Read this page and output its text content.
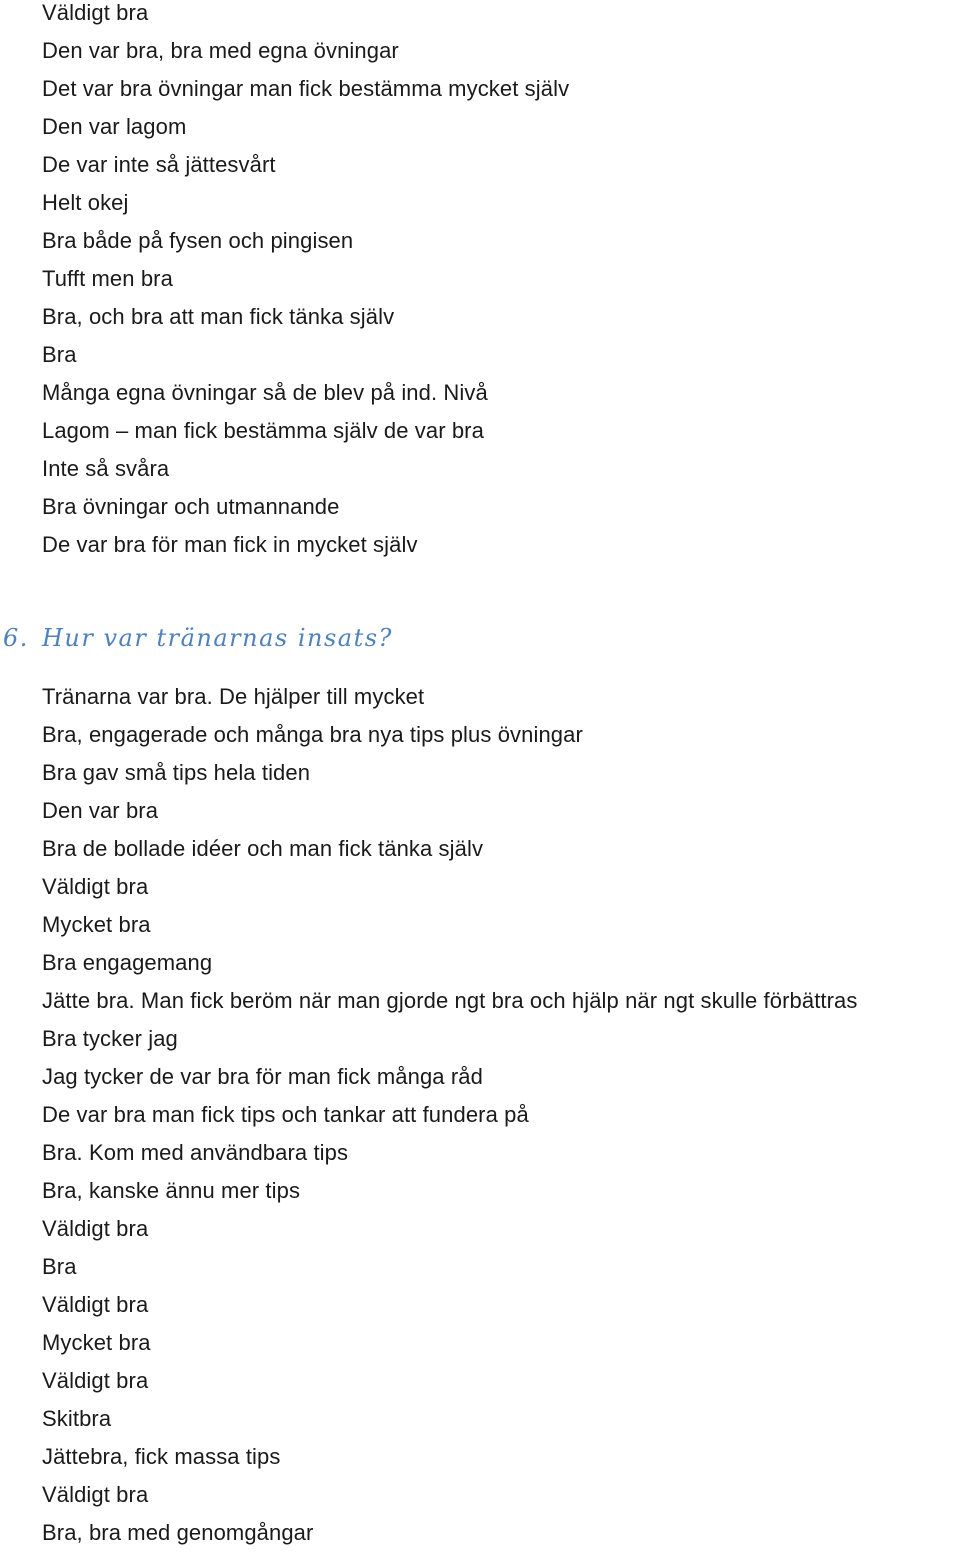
Väldigt bra
Den var bra, bra med egna övningar
Det var bra övningar man fick bestämma mycket själv
Den var lagom
De var inte så jättesvårt
Helt okej
Bra både på fysen och pingisen
Tufft men bra
Bra, och bra att man fick tänka själv
Bra
Många egna övningar så de blev på ind. Nivå
Lagom – man fick bestämma själv de var bra
Inte så svåra
Bra övningar och utmannande
De var bra för man fick in mycket själv
6. Hur var tränarnas insats?
Tränarna var bra. De hjälper till mycket
Bra, engagerade och många bra nya tips plus övningar
Bra gav små tips hela tiden
Den var bra
Bra de bollade idéer och man fick tänka själv
Väldigt bra
Mycket bra
Bra engagemang
Jätte bra. Man fick beröm när man gjorde ngt bra och hjälp när ngt skulle förbättras
Bra tycker jag
Jag tycker de var bra för man fick många råd
De var bra man fick tips och tankar att fundera på
Bra. Kom med användbara tips
Bra, kanske ännu mer tips
Väldigt bra
Bra
Väldigt bra
Mycket bra
Väldigt bra
Skitbra
Jättebra, fick massa tips
Väldigt bra
Bra, bra med genomgångar
